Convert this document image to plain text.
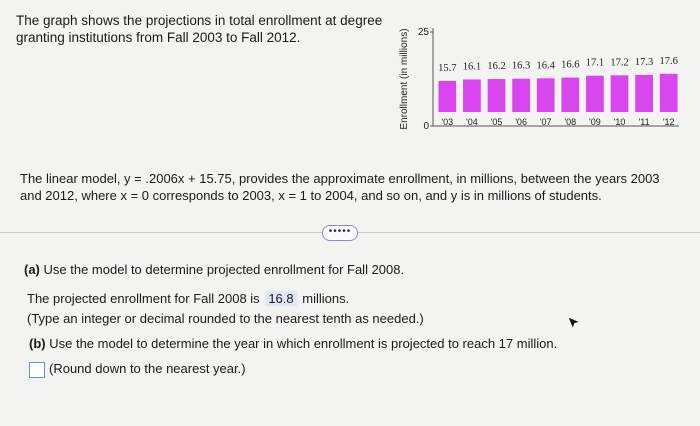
The graph shows the projections in total enrollment at degree granting institutions from Fall 2003 to Fall 2012.	Enrollment (in millions) 25
0
15.7
'03
16.1
'04
16.2
'05
16.3
'06
16.4
'07
16.6
'08
17.1
'09
17.2
'10
17.3
'11
17.6
'12
The linear model, y = .2006x + 15.75, provides the approximate enrollment, in millions, between the years 2003 and 2012, where x = 0 corresponds to 2003, x = 1 to 2004, and so on, and y is in millions of students.
•••••
(a) Use the model to determine projected enrollment for Fall 2008.
The projected enrollment for Fall 2008 is 16.8 millions.
(Type an integer or decimal rounded to the nearest tenth as needed.)
(b) Use the model to determine the year in which enrollment is projected to reach 17 million.
(Round down to the nearest year.)
